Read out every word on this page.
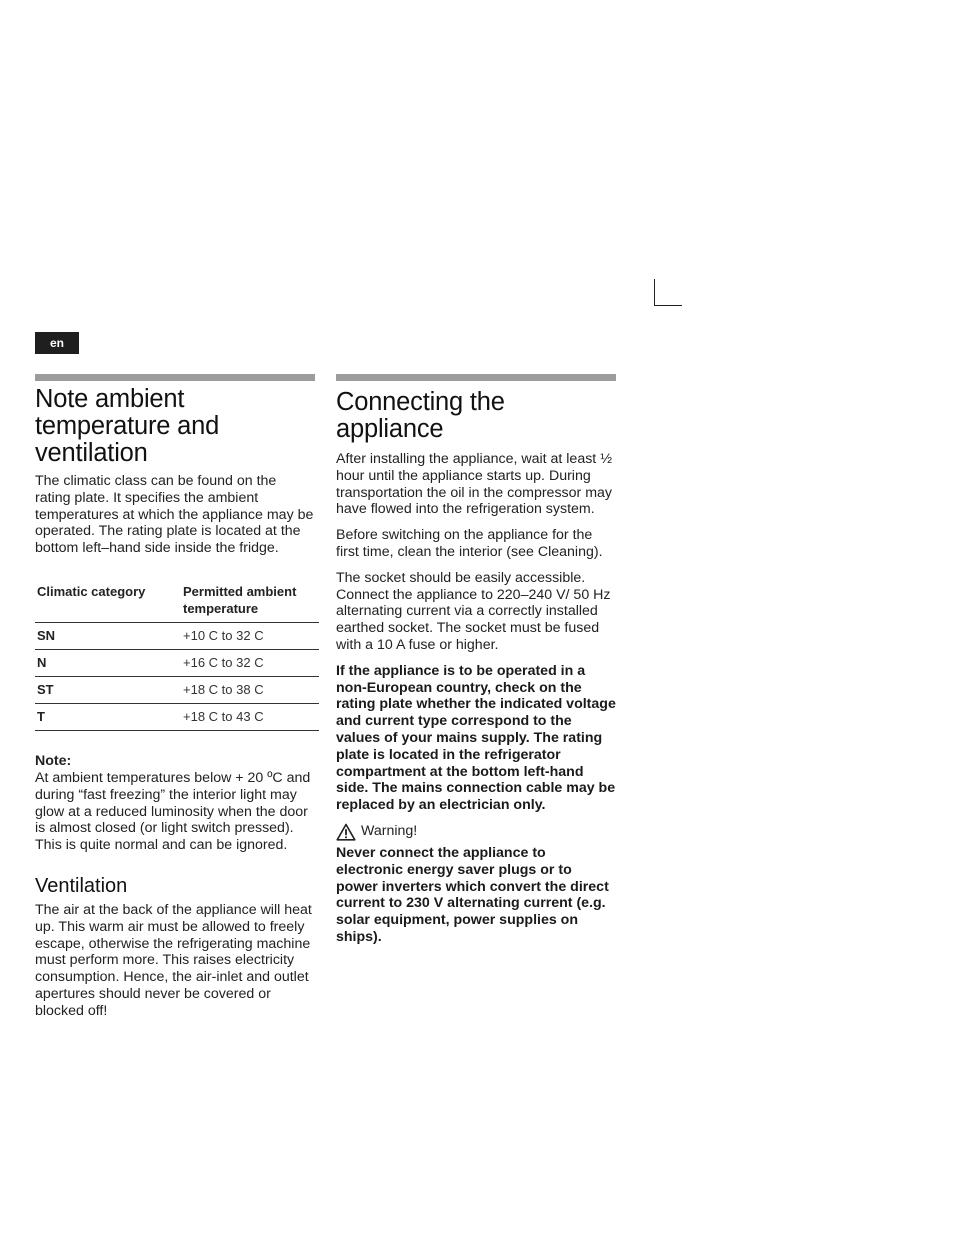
en
Note ambient temperature and ventilation

The climatic class can be found on the rating plate. It specifies the ambient temperatures at which the appliance may be operated. The rating plate is located at the bottom left–hand side inside the fridge.

Climatic category	Permitted ambient temperature
SN	+10 C to 32 C
N	+16 C to 32 C
ST	+18 C to 38 C
T	+18 C to 43 C
Note:

At ambient temperatures below + 20 ºC and during “fast freezing” the interior light may glow at a reduced luminosity when the door is almost closed (or light switch pressed). This is quite normal and can be ignored.

Ventilation

The air at the back of the appliance will heat up. This warm air must be allowed to freely escape, otherwise the refrigerating machine must perform more. This raises electricity consumption. Hence, the air-inlet and outlet apertures should never be covered or blocked off!

Connecting the appliance

After installing the appliance, wait at least ½ hour until the appliance starts up. During transportation the oil in the compressor may have flowed into the refrigeration system.

Before switching on the appliance for the first time, clean the interior (see Cleaning).

The socket should be easily accessible. Connect the appliance to 220–240 V/ 50 Hz alternating current via a correctly installed earthed socket. The socket must be fused with a 10 A fuse or higher.

If the appliance is to be operated in a non-European country, check on the rating plate whether the indicated voltage and current type correspond to the values of your mains supply. The rating plate is located in the refrigerator compartment at the bottom left-hand side. The mains connection cable may be replaced by an electrician only.

Warning!

Never connect the appliance to electronic energy saver plugs or to power inverters which convert the direct current to 230 V alternating current (e.g. solar equipment, power supplies on ships).
